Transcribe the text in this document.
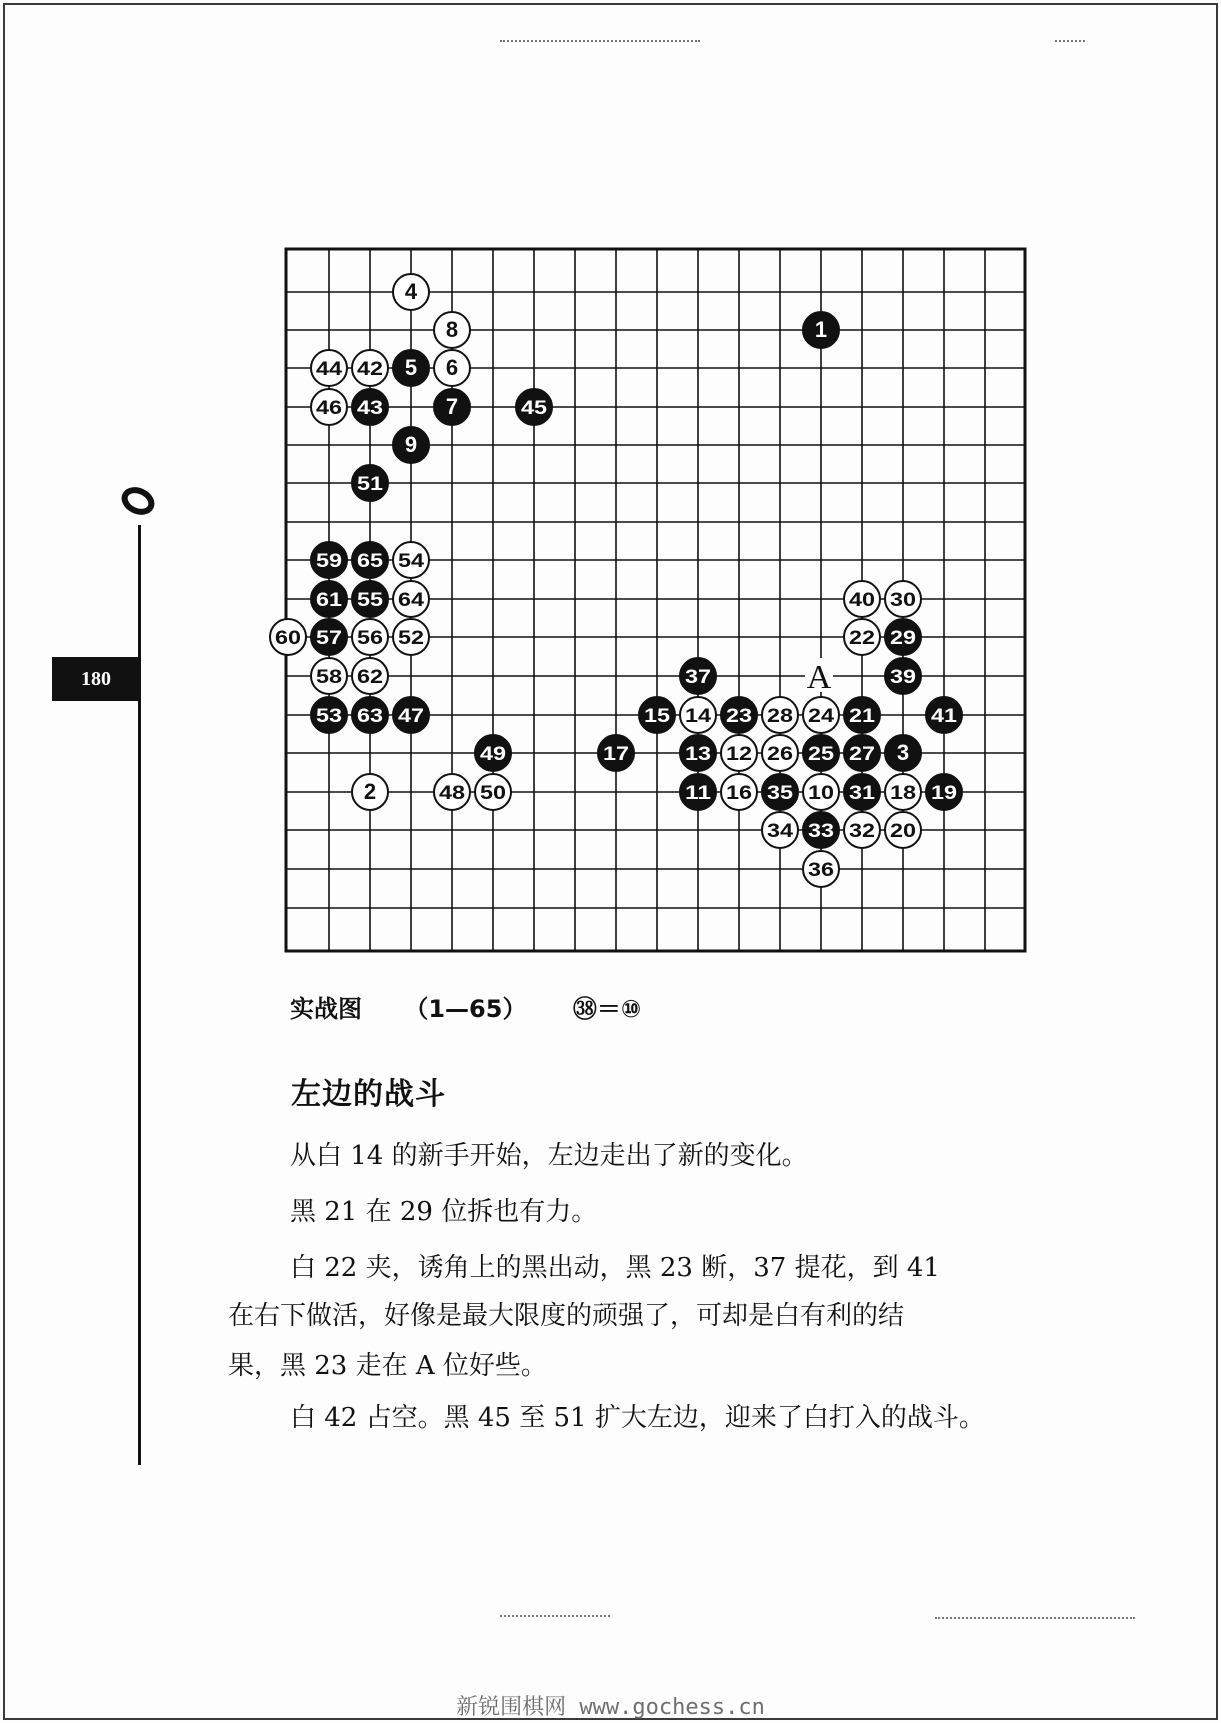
180
1
3
5
7
9
11
13
15
17
19
21
23
25 27
29
31
33
35
37	39
41
43	45
47
49
51
53
55
57
59
61
63
65
2
4
6
8
10
12
14
16	18
20
22
24
26
28
30
32
34
36
40
42
44
46
48 50
52
54
56
58
60
62
64
A
实战图 （1—65） ㊳＝⑩
左边的战斗
从白 14 的新手开始，左边走出了新的变化。
黑 21 在 29 位拆也有力。
白 22 夹，诱角上的黑出动，黑 23 断，37 提花，到 41
在右下做活，好像是最大限度的顽强了，可却是白有利的结
果，黑 23 走在 A 位好些。
白 42 占空。黑 45 至 51 扩大左边，迎来了白打入的战斗。
新锐围棋网 www.gochess.cn
